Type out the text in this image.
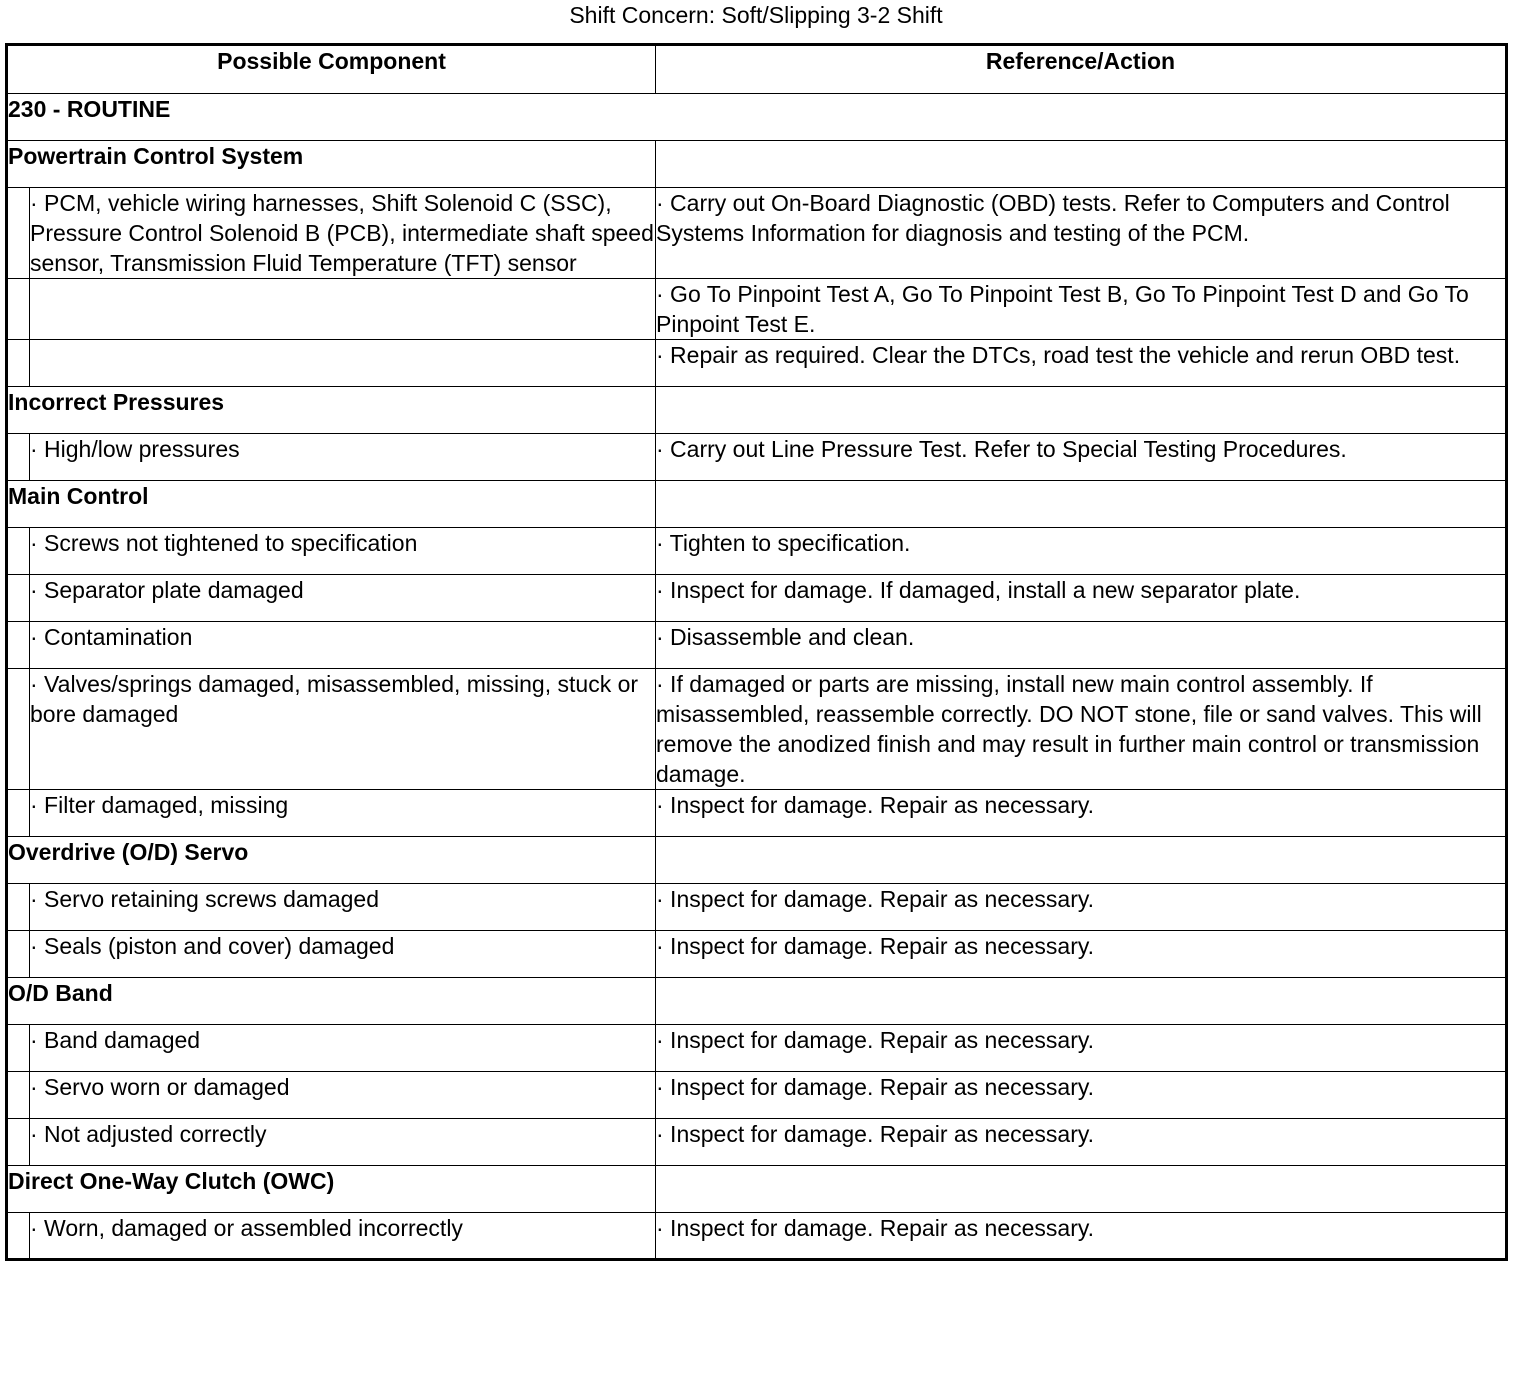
Shift Concern: Soft/Slipping 3-2 Shift
Possible Component		Reference/Action
230 - ROUTINE		
Powertrain Control System		
	· PCM, vehicle wiring harnesses, Shift Solenoid C (SSC), Pressure Control Solenoid B (PCB), intermediate shaft speed sensor, Transmission Fluid Temperature (TFT) sensor	· Carry out On-Board Diagnostic (OBD) tests. Refer to Computers and Control Systems Information for diagnosis and testing of the PCM.
		· Go To Pinpoint Test A, Go To Pinpoint Test B, Go To Pinpoint Test D and Go To Pinpoint Test E.
		· Repair as required. Clear the DTCs, road test the vehicle and rerun OBD test.
Incorrect Pressures		
	· High/low pressures	· Carry out Line Pressure Test. Refer to Special Testing Procedures.
Main Control		
	· Screws not tightened to specification	· Tighten to specification.
	· Separator plate damaged	· Inspect for damage. If damaged, install a new separator plate.
	· Contamination	· Disassemble and clean.
	· Valves/springs damaged, misassembled, missing, stuck or bore damaged	· If damaged or parts are missing, install new main control assembly. If misassembled, reassemble correctly. DO NOT stone, file or sand valves. This will remove the anodized finish and may result in further main control or transmission damage.
	· Filter damaged, missing	· Inspect for damage. Repair as necessary.
Overdrive (O/D) Servo		
	· Servo retaining screws damaged	· Inspect for damage. Repair as necessary.
	· Seals (piston and cover) damaged	· Inspect for damage. Repair as necessary.
O/D Band		
	· Band damaged	· Inspect for damage. Repair as necessary.
	· Servo worn or damaged	· Inspect for damage. Repair as necessary.
	· Not adjusted correctly	· Inspect for damage. Repair as necessary.
Direct One-Way Clutch (OWC)		
	· Worn, damaged or assembled incorrectly	· Inspect for damage. Repair as necessary.
